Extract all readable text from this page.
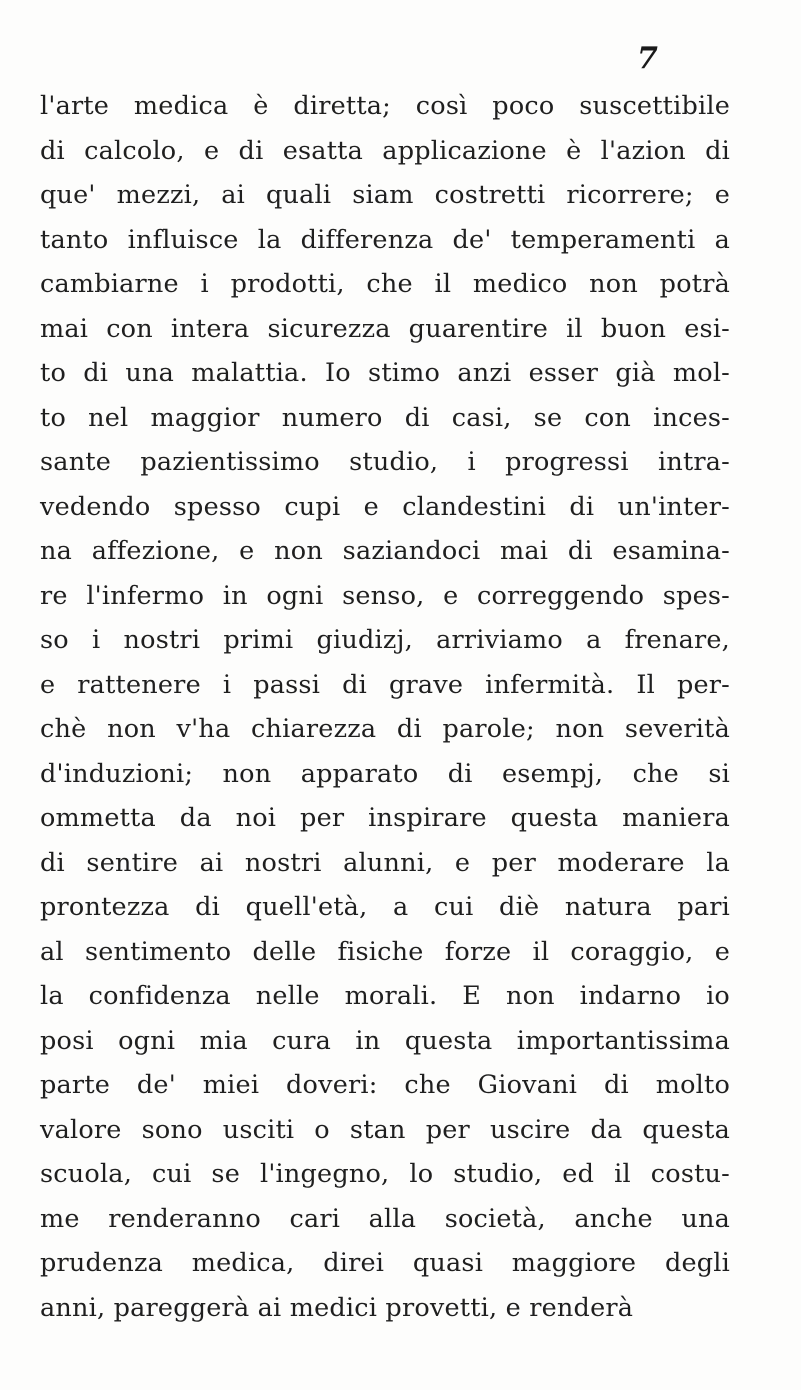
7
l'arte medica è diretta; così poco suscettibile
di calcolo, e di esatta applicazione è l'azion di
que' mezzi, ai quali siam costretti ricorrere; e
tanto influisce la differenza de' temperamenti a
cambiarne i prodotti, che il medico non potrà
mai con intera sicurezza guarentire il buon esi-
to di una malattia. Io stimo anzi esser già mol-
to nel maggior numero di casi, se con inces-
sante pazientissimo studio, i progressi intra-
vedendo spesso cupi e clandestini di un'inter-
na affezione, e non saziandoci mai di esamina-
re l'infermo in ogni senso, e correggendo spes-
so i nostri primi giudizj, arriviamo a frenare,
e rattenere i passi di grave infermità. Il per-
chè non v'ha chiarezza di parole; non severità
d'induzioni; non apparato di esempj, che si
ommetta da noi per inspirare questa maniera
di sentire ai nostri alunni, e per moderare la
prontezza di quell'età, a cui diè natura pari
al sentimento delle fisiche forze il coraggio, e
la confidenza nelle morali. E non indarno io
posi ogni mia cura in questa importantissima
parte de' miei doveri: che Giovani di molto
valore sono usciti o stan per uscire da questa
scuola, cui se l'ingegno, lo studio, ed il costu-
me renderanno cari alla società, anche una
prudenza medica, direi quasi maggiore degli
anni, pareggerà ai medici provetti, e renderà
